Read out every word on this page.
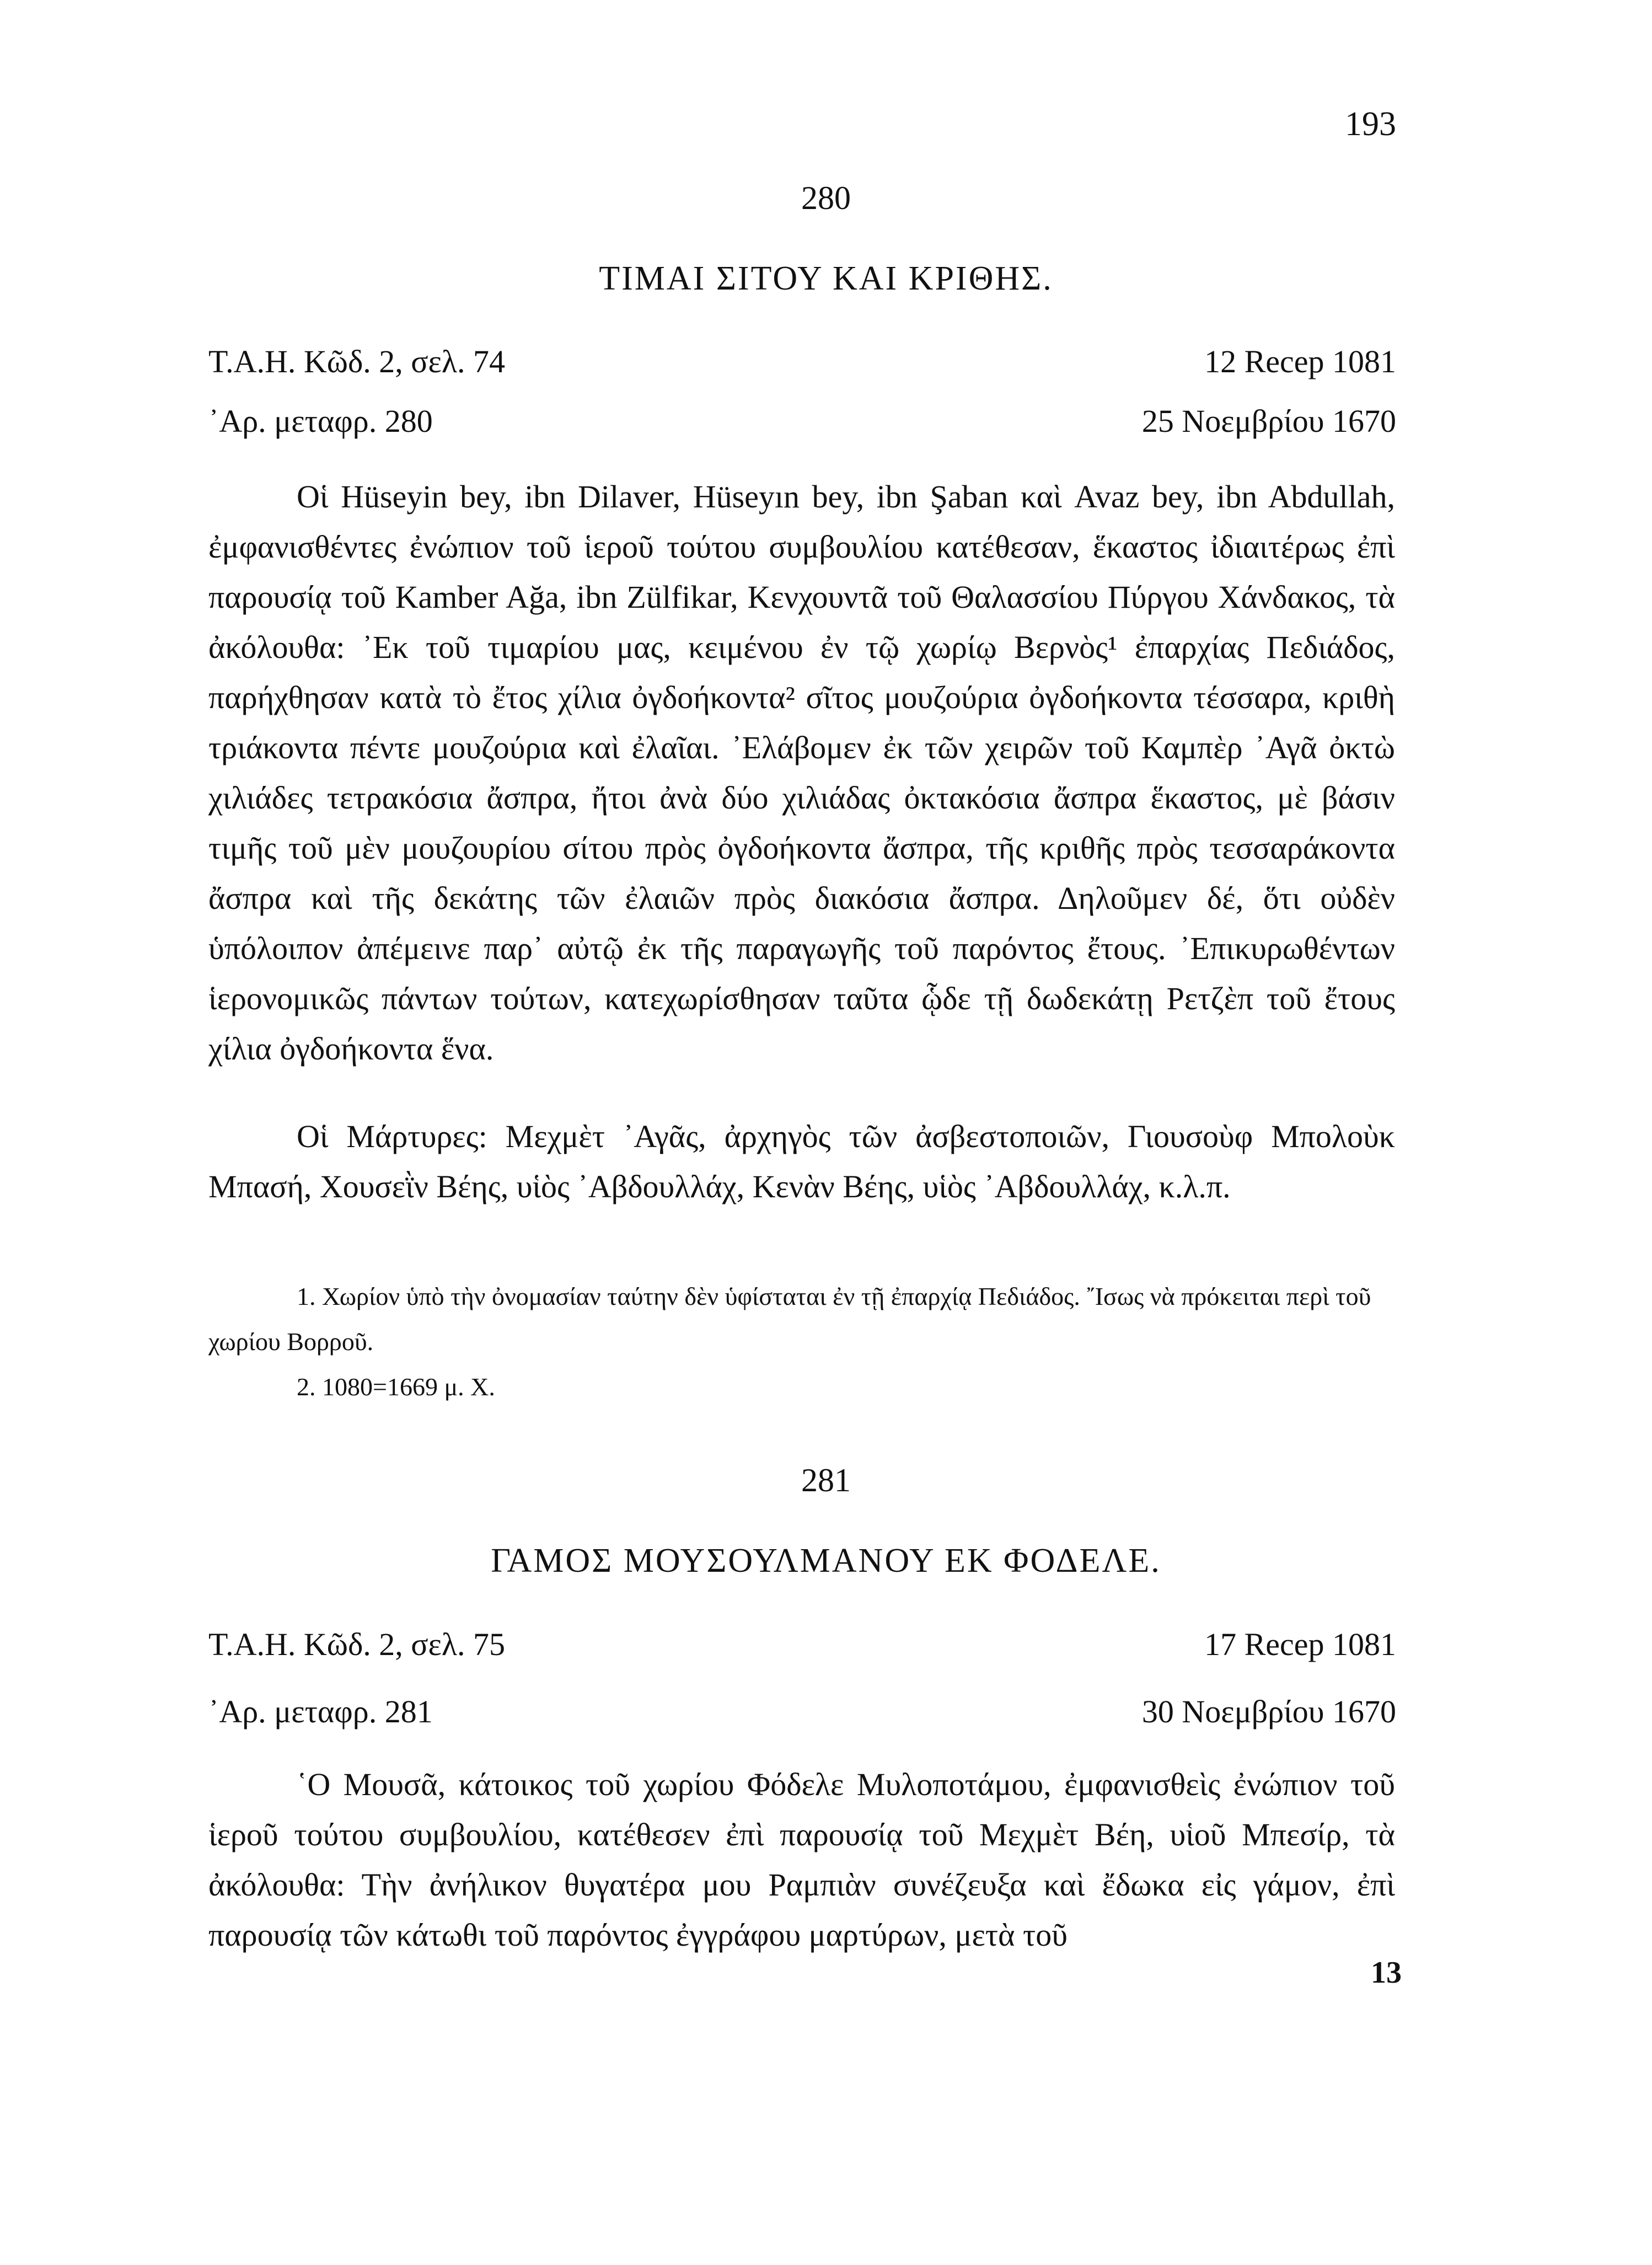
193
280
ΤΙΜΑΙ ΣΙΤΟΥ ΚΑΙ ΚΡΙΘΗΣ.
Τ.Α.Η. Κῶδ. 2, σελ. 74	12 Recep 1081
᾿Αρ. μεταφρ. 280	25 Νοεμβρίου 1670

Οἱ Hüseyin bey, ibn Dilaver, Hüseyın bey, ibn Şaban καὶ Avaz bey, ibn Abdullah, ἐμφανισθέντες ἐνώπιον τοῦ ἱεροῦ τούτου συμβουλίου κατέθεσαν, ἕκαστος ἰδιαιτέρως ἐπὶ παρουσίᾳ τοῦ Kamber Ağa, ibn Zülfikar, Κενχουντᾶ τοῦ Θαλασσίου Πύργου Χάνδακος, τὰ ἀκόλουθα: ᾿Εκ τοῦ τιμαρίου μας, κειμένου ἐν τῷ χωρίῳ Βερνὸς¹ ἐπαρχίας Πεδιάδος, παρήχθησαν κατὰ τὸ ἔτος χίλια ὀγδοήκοντα² σῖτος μουζούρια ὀγδοήκοντα τέσσαρα, κριθὴ τριάκοντα πέντε μουζούρια καὶ ἐλαῖαι. ᾿Ελάβομεν ἐκ τῶν χειρῶν τοῦ Καμπὲρ ᾿Αγᾶ ὀκτὼ χιλιάδες τετρακόσια ἄσπρα, ἤτοι ἀνὰ δύο χιλιάδας ὀκτακόσια ἄσπρα ἕκαστος, μὲ βάσιν τιμῆς τοῦ μὲν μουζουρίου σίτου πρὸς ὀγδοήκοντα ἄσπρα, τῆς κριθῆς πρὸς τεσσαράκοντα ἄσπρα καὶ τῆς δεκάτης τῶν ἐλαιῶν πρὸς διακόσια ἄσπρα. Δηλοῦμεν δέ, ὅτι οὐδὲν ὑπόλοιπον ἀπέμεινε παρ᾿ αὐτῷ ἐκ τῆς παραγωγῆς τοῦ παρόντος ἔτους. ᾿Επικυρωθέντων ἱερονομικῶς πάντων τούτων, κατεχωρίσθησαν ταῦτα ᾧδε τῇ δωδεκάτῃ Ρετζὲπ τοῦ ἔτους χίλια ὀγδοήκοντα ἕνα.

Οἱ Μάρτυρες: Μεχμὲτ ᾿Αγᾶς, ἀρχηγὸς τῶν ἀσβεστοποιῶν, Γιουσοὺφ Μπολοὺκ Μπασή, Χουσεῒν Βέης, υἱὸς ᾿Αβδουλλάχ, Κενὰν Βέης, υἱὸς ᾿Αβδουλλάχ, κ.λ.π.

1. Χωρίον ὑπὸ τὴν ὀνομασίαν ταύτην δὲν ὑφίσταται ἐν τῇ ἐπαρχίᾳ Πεδιάδος. ῎Ισως νὰ πρόκειται περὶ τοῦ χωρίου Βορροῦ.

2. 1080=1669 μ. Χ.

281
ΓΑΜΟΣ ΜΟΥΣΟΥΛΜΑΝΟΥ ΕΚ ΦΟΔΕΛΕ.
Τ.Α.Η. Κῶδ. 2, σελ. 75	17 Recep 1081
᾿Αρ. μεταφρ. 281	30 Νοεμβρίου 1670

῾Ο Μουσᾶ, κάτοικος τοῦ χωρίου Φόδελε Μυλοποτάμου, ἐμφανισθεὶς ἐνώπιον τοῦ ἱεροῦ τούτου συμβουλίου, κατέθεσεν ἐπὶ παρουσίᾳ τοῦ Μεχμὲτ Βέη, υἱοῦ Μπεσίρ, τὰ ἀκόλουθα: Τὴν ἀνήλικον θυγατέρα μου Ραμπιὰν συνέζευξα καὶ ἔδωκα εἰς γάμον, ἐπὶ παρουσίᾳ τῶν κάτωθι τοῦ παρόντος ἐγγράφου μαρτύρων, μετὰ τοῦ

13
